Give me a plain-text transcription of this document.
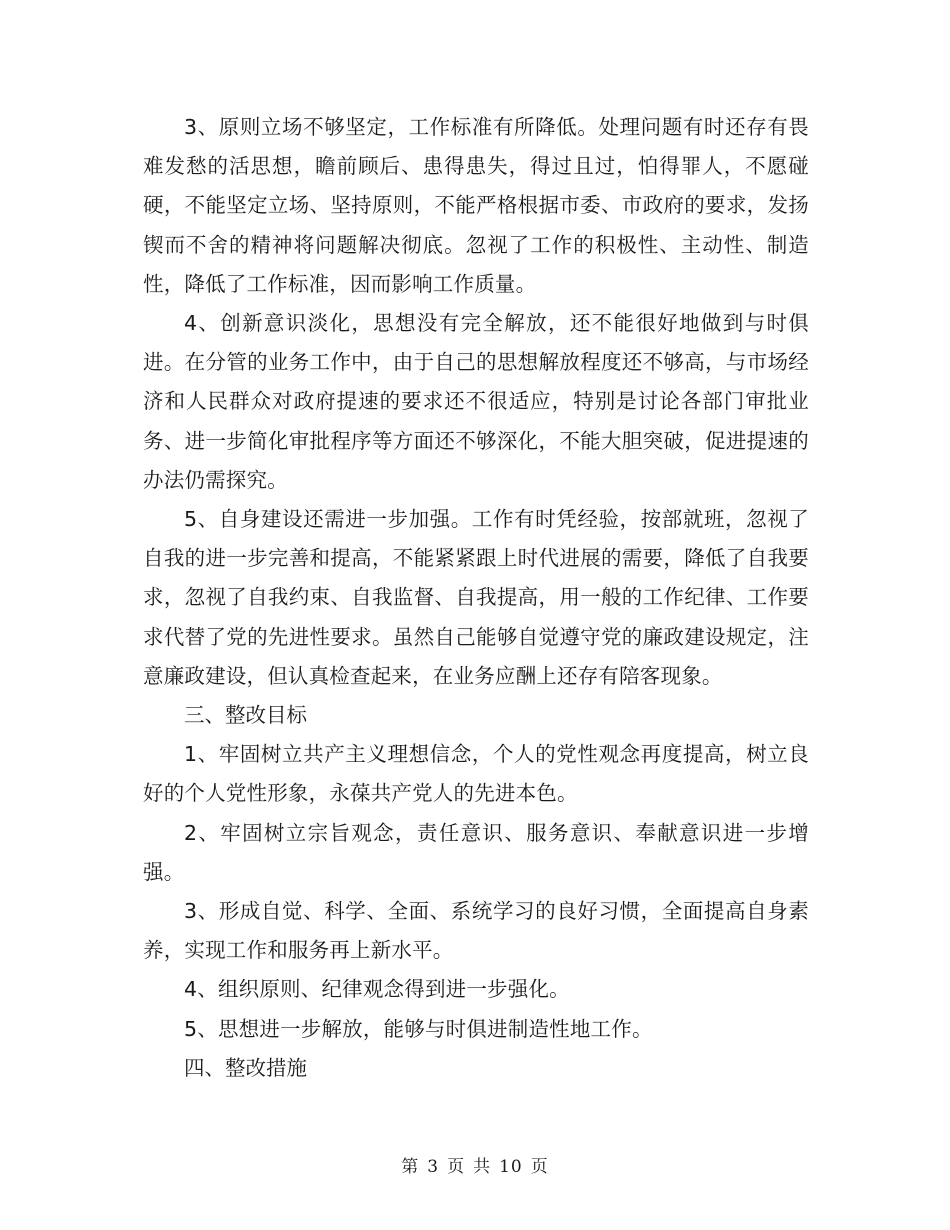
3、原则立场不够坚定，工作标准有所降低。处理问题有时还存有畏难发愁的活思想，瞻前顾后、患得患失，得过且过，怕得罪人，不愿碰硬，不能坚定立场、坚持原则，不能严格根据市委、市政府的要求，发扬锲而不舍的精神将问题解决彻底。忽视了工作的积极性、主动性、制造性，降低了工作标准，因而影响工作质量。

4、创新意识淡化，思想没有完全解放，还不能很好地做到与时俱进。在分管的业务工作中，由于自己的思想解放程度还不够高，与市场经济和人民群众对政府提速的要求还不很适应，特别是讨论各部门审批业务、进一步简化审批程序等方面还不够深化，不能大胆突破，促进提速的办法仍需探究。

5、自身建设还需进一步加强。工作有时凭经验，按部就班，忽视了自我的进一步完善和提高，不能紧紧跟上时代进展的需要，降低了自我要求，忽视了自我约束、自我监督、自我提高，用一般的工作纪律、工作要求代替了党的先进性要求。虽然自己能够自觉遵守党的廉政建设规定，注意廉政建设，但认真检查起来，在业务应酬上还存有陪客现象。

三、整改目标

1、牢固树立共产主义理想信念，个人的党性观念再度提高，树立良好的个人党性形象，永葆共产党人的先进本色。

2、牢固树立宗旨观念，责任意识、服务意识、奉献意识进一步增强。

3、形成自觉、科学、全面、系统学习的良好习惯，全面提高自身素养，实现工作和服务再上新水平。

4、组织原则、纪律观念得到进一步强化。

5、思想进一步解放，能够与时俱进制造性地工作。

四、整改措施

第 3 页 共 10 页
